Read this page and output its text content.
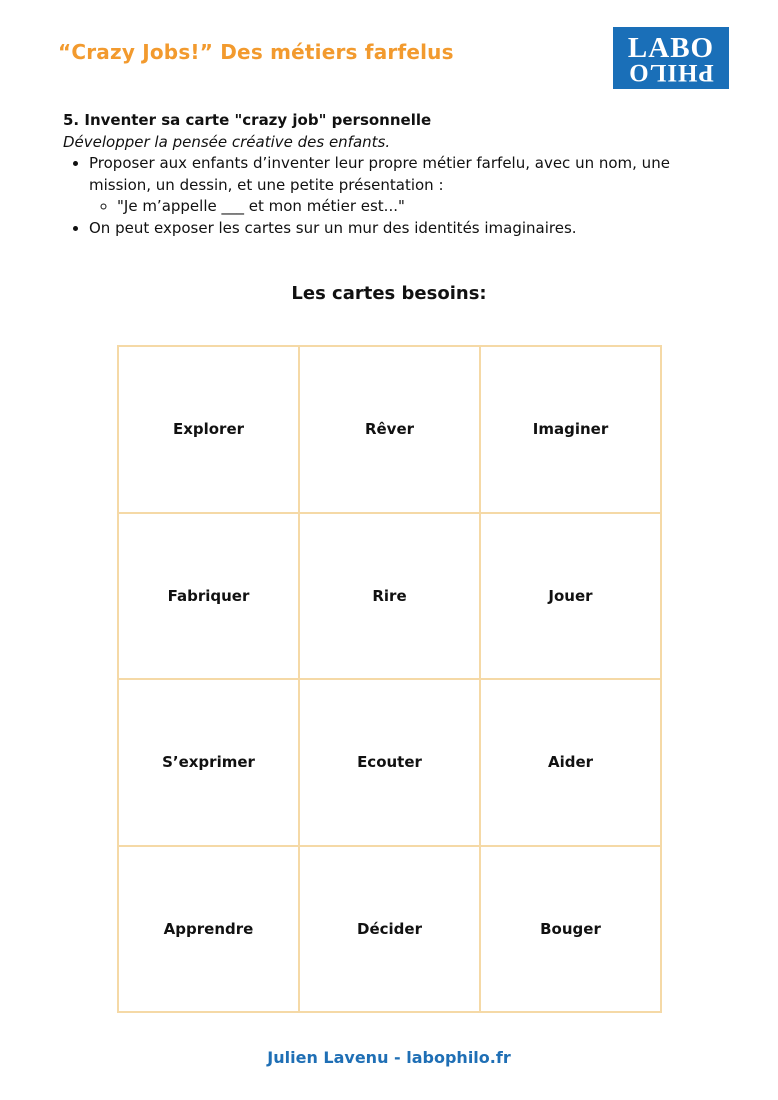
“Crazy Jobs!” Des métiers farfelus	LABO
PHILO

5. Inventer sa carte "crazy job" personnelle

Développer la pensée créative des enfants.

• Proposer aux enfants d’inventer leur propre métier farfelu, avec un nom, une mission, un dessin, et une petite présentation :
◦ "Je m’appelle ___ et mon métier est..."
• On peut exposer les cartes sur un mur des identités imaginaires.
Les cartes besoins:
Explorer	Rêver	Imaginer
Fabriquer	Rire	Jouer
S’exprimer	Ecouter	Aider
Apprendre	Décider	Bouger
Julien Lavenu - labophilo.fr
